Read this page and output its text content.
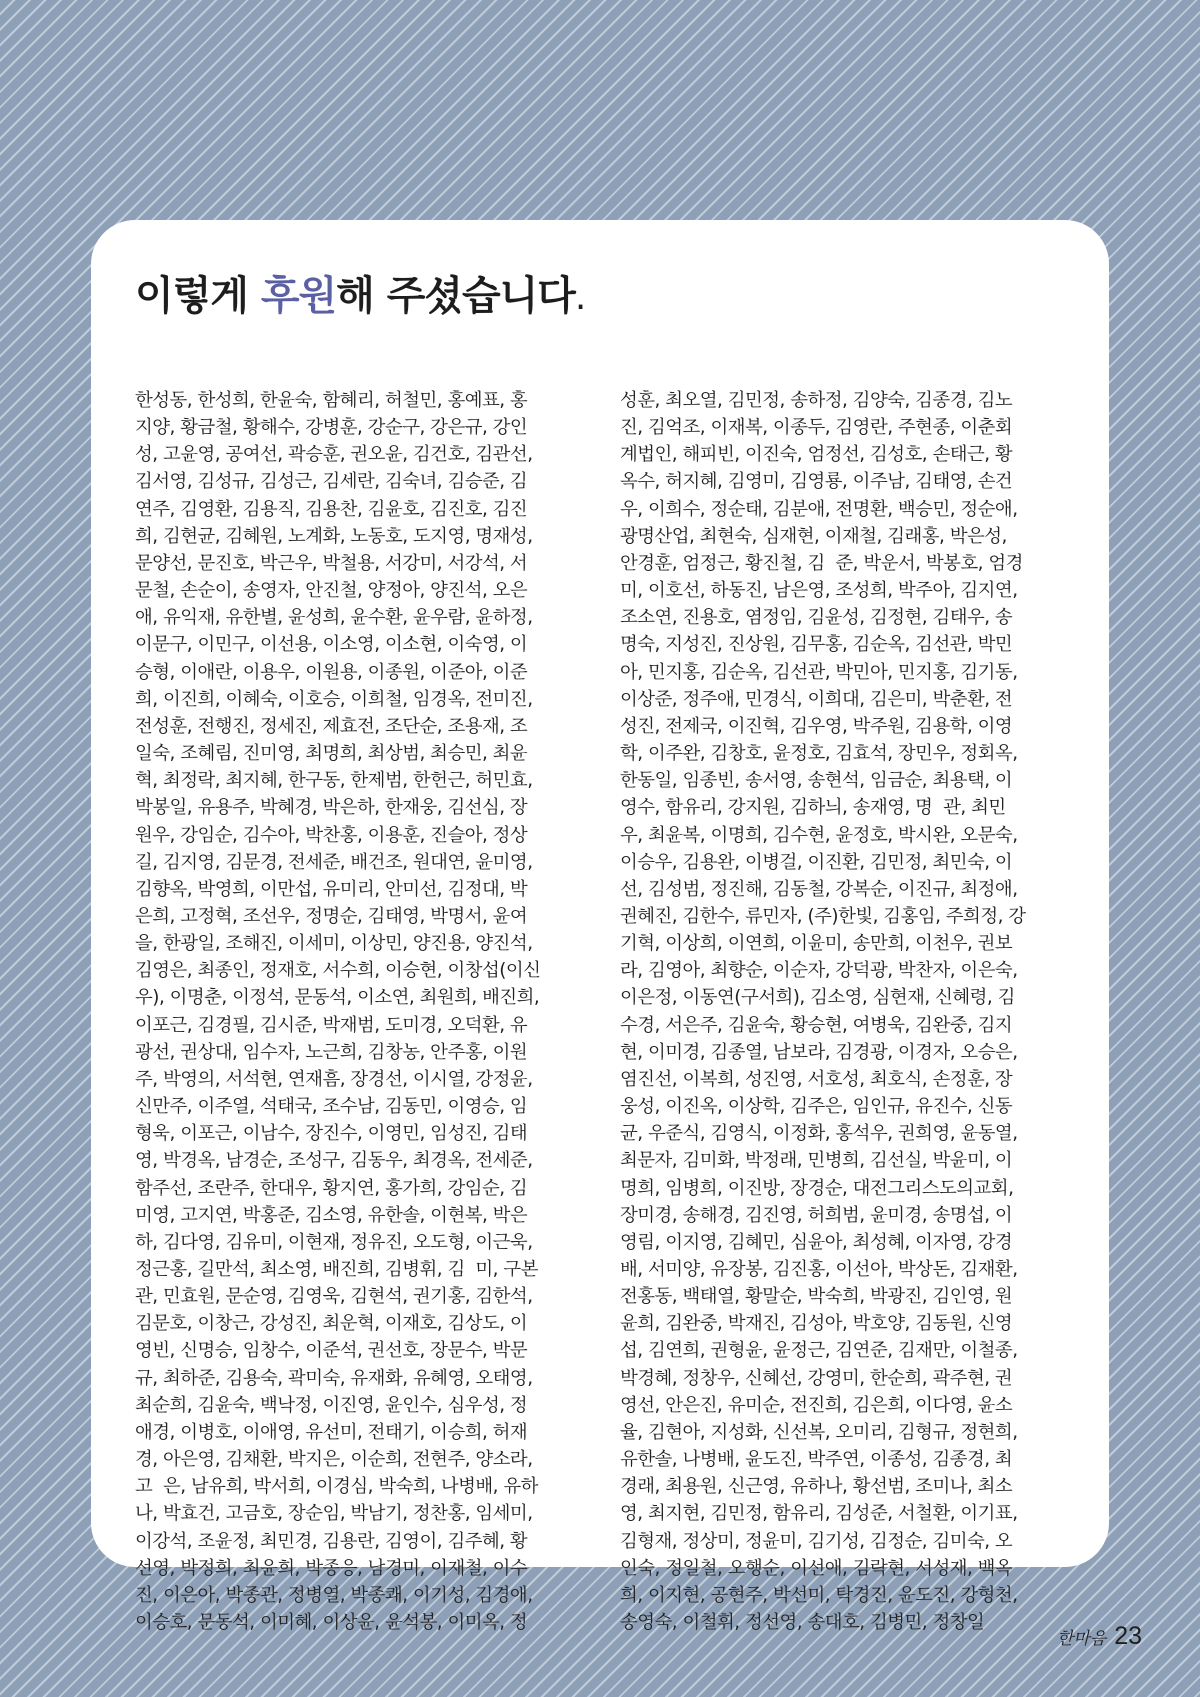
이렇게 후원해 주셨습니다.
한성동, 한성희, 한윤숙, 함혜리, 허철민, 홍예표, 홍
지양, 황금철, 황해수, 강병훈, 강순구, 강은규, 강인
성, 고윤영, 공여선, 곽승훈, 권오윤, 김건호, 김관선,
김서영, 김성규, 김성근, 김세란, 김숙녀, 김승준, 김
연주, 김영환, 김용직, 김용찬, 김윤호, 김진호, 김진
희, 김현균, 김혜원, 노계화, 노동호, 도지영, 명재성,
문양선, 문진호, 박근우, 박철용, 서강미, 서강석, 서
문철, 손순이, 송영자, 안진철, 양정아, 양진석, 오은
애, 유익재, 유한별, 윤성희, 윤수환, 윤우람, 윤하정,
이문구, 이민구, 이선용, 이소영, 이소현, 이숙영, 이
승형, 이애란, 이용우, 이원용, 이종원, 이준아, 이준
희, 이진희, 이혜숙, 이호승, 이희철, 임경옥, 전미진,
전성훈, 전행진, 정세진, 제효전, 조단순, 조용재, 조
일숙, 조혜림, 진미영, 최명희, 최상범, 최승민, 최윤
혁, 최정락, 최지혜, 한구동, 한제범, 한헌근, 허민효,
박봉일, 유용주, 박혜경, 박은하, 한재웅, 김선심, 장
원우, 강임순, 김수아, 박찬홍, 이용훈, 진슬아, 정상
길, 김지영, 김문경, 전세준, 배건조, 원대연, 윤미영,
김향옥, 박영희, 이만섭, 유미리, 안미선, 김정대, 박
은희, 고정혁, 조선우, 정명순, 김태영, 박명서, 윤여
을, 한광일, 조해진, 이세미, 이상민, 양진용, 양진석,
김영은, 최종인, 정재호, 서수희, 이승현, 이창섭(이신
우), 이명춘, 이정석, 문동석, 이소연, 최원희, 배진희,
이포근, 김경필, 김시준, 박재범, 도미경, 오덕환, 유
광선, 권상대, 임수자, 노근희, 김창농, 안주홍, 이원
주, 박영의, 서석현, 연재흠, 장경선, 이시열, 강정윤,
신만주, 이주열, 석태국, 조수남, 김동민, 이영승, 임
형욱, 이포근, 이남수, 장진수, 이영민, 임성진, 김태
영, 박경옥, 남경순, 조성구, 김동우, 최경옥, 전세준,
함주선, 조란주, 한대우, 황지연, 홍가희, 강임순, 김
미영, 고지연, 박홍준, 김소영, 유한솔, 이현복, 박은
하, 김다영, 김유미, 이현재, 정유진, 오도형, 이근욱,
정근홍, 길만석, 최소영, 배진희, 김병휘, 김  미, 구본
관, 민효원, 문순영, 김영욱, 김현석, 권기홍, 김한석,
김문호, 이창근, 강성진, 최운혁, 이재호, 김상도, 이
영빈, 신명승, 임창수, 이준석, 권선호, 장문수, 박문
규, 최하준, 김용숙, 곽미숙, 유재화, 유혜영, 오태영,
최순희, 김윤숙, 백낙정, 이진영, 윤인수, 심우성, 정
애경, 이병호, 이애영, 유선미, 전태기, 이승희, 허재
경, 아은영, 김채환, 박지은, 이순희, 전현주, 양소라,
고  은, 남유희, 박서희, 이경심, 박숙희, 나병배, 유하
나, 박효건, 고금호, 장순임, 박남기, 정찬홍, 임세미,
이강석, 조윤정, 최민경, 김용란, 김영이, 김주혜, 황
선영, 박정희, 최윤희, 박종응, 남경미, 이재철, 이수
진, 이은아, 박종관, 정병열, 박종쾌, 이기성, 김경애,
이승호, 문동석, 이미혜, 이상윤, 윤석봉, 이미옥, 정
성훈, 최오열, 김민정, 송하정, 김양숙, 김종경, 김노
진, 김억조, 이재복, 이종두, 김영란, 주현종, 이춘회
계법인, 해피빈, 이진숙, 엄정선, 김성호, 손태근, 황
옥수, 허지혜, 김영미, 김영룡, 이주남, 김태영, 손건
우, 이희수, 정순태, 김분애, 전명환, 백승민, 정순애,
광명산업, 최현숙, 심재현, 이재철, 김래홍, 박은성,
안경훈, 엄정근, 황진철, 김  준, 박운서, 박봉호, 엄경
미, 이호선, 하동진, 남은영, 조성희, 박주아, 김지연,
조소연, 진용호, 염정임, 김윤성, 김정현, 김태우, 송
명숙, 지성진, 진상원, 김무홍, 김순옥, 김선관, 박민
아, 민지홍, 김순옥, 김선관, 박민아, 민지홍, 김기동,
이상준, 정주애, 민경식, 이희대, 김은미, 박춘환, 전
성진, 전제국, 이진혁, 김우영, 박주원, 김용학, 이영
학, 이주완, 김창호, 윤정호, 김효석, 장민우, 정회옥,
한동일, 임종빈, 송서영, 송현석, 임금순, 최용택, 이
영수, 함유리, 강지원, 김하늬, 송재영, 명  관, 최민
우, 최윤복, 이명희, 김수현, 윤정호, 박시완, 오문숙,
이승우, 김용완, 이병걸, 이진환, 김민정, 최민숙, 이
선, 김성범, 정진해, 김동철, 강복순, 이진규, 최정애,
권혜진, 김한수, 류민자, (주)한빛, 김홍임, 주희정, 강
기혁, 이상희, 이연희, 이윤미, 송만희, 이천우, 권보
라, 김영아, 최향순, 이순자, 강덕광, 박찬자, 이은숙,
이은정, 이동연(구서희), 김소영, 심현재, 신혜령, 김
수경, 서은주, 김윤숙, 황승현, 여병욱, 김완중, 김지
현, 이미경, 김종열, 남보라, 김경광, 이경자, 오승은,
염진선, 이복희, 성진영, 서호성, 최호식, 손정훈, 장
웅성, 이진옥, 이상학, 김주은, 임인규, 유진수, 신동
균, 우준식, 김영식, 이정화, 홍석우, 권희영, 윤동열,
최문자, 김미화, 박정래, 민병희, 김선실, 박윤미, 이
명희, 임병희, 이진방, 장경순, 대전그리스도의교회,
장미경, 송해경, 김진영, 허희범, 윤미경, 송명섭, 이
영림, 이지영, 김혜민, 심윤아, 최성혜, 이자영, 강경
배, 서미양, 유장봉, 김진홍, 이선아, 박상돈, 김재환,
전홍동, 백태열, 황말순, 박숙희, 박광진, 김인영, 원
윤희, 김완중, 박재진, 김성아, 박호양, 김동원, 신영
섭, 김연희, 권형윤, 윤정근, 김연준, 김재만, 이철종,
박경혜, 정창우, 신혜선, 강영미, 한순희, 곽주현, 권
영선, 안은진, 유미순, 전진희, 김은희, 이다영, 윤소
율, 김현아, 지성화, 신선복, 오미리, 김형규, 정현희,
유한솔, 나병배, 윤도진, 박주연, 이종성, 김종경, 최
경래, 최용원, 신근영, 유하나, 황선범, 조미나, 최소
영, 최지현, 김민정, 함유리, 김성준, 서철환, 이기표,
김형재, 정상미, 정윤미, 김기성, 김정순, 김미숙, 오
인숙, 정일철, 오행순, 이선애, 김락현, 서성재, 백옥
희, 이지현, 공현주, 박선미, 탁경진, 윤도진, 강형천,
송영숙, 이철휘, 정선영, 송대호, 김병민, 정창일
한마음 23
